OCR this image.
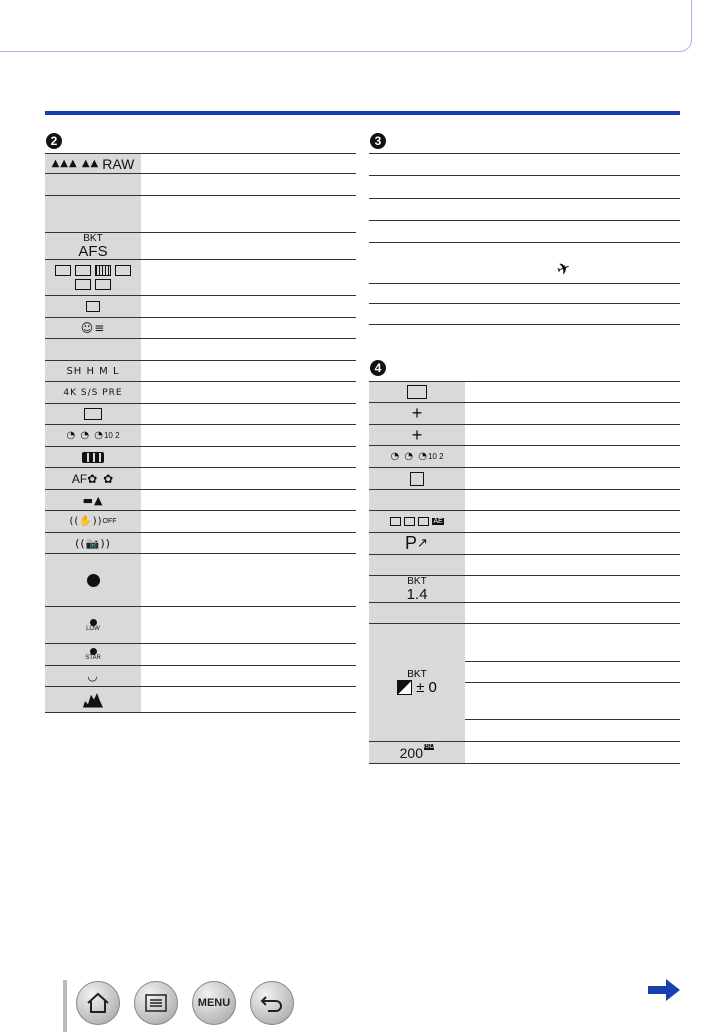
2
▲▲▲ ▲▲ RAW
BKT
AFS
☺≡
SH H M L
4K S/S PRE
◔ ◔ ◔ 10 2
AF ✿ ✿
▬▲
((✋)) OFF
((📷))
LOW
STAR
◡
3
✈
4
+
+
◔ ◔ ◔ 10 2
AE
P ↗
BKT
1.4
BKT
± 0
200 ISO
MENU
